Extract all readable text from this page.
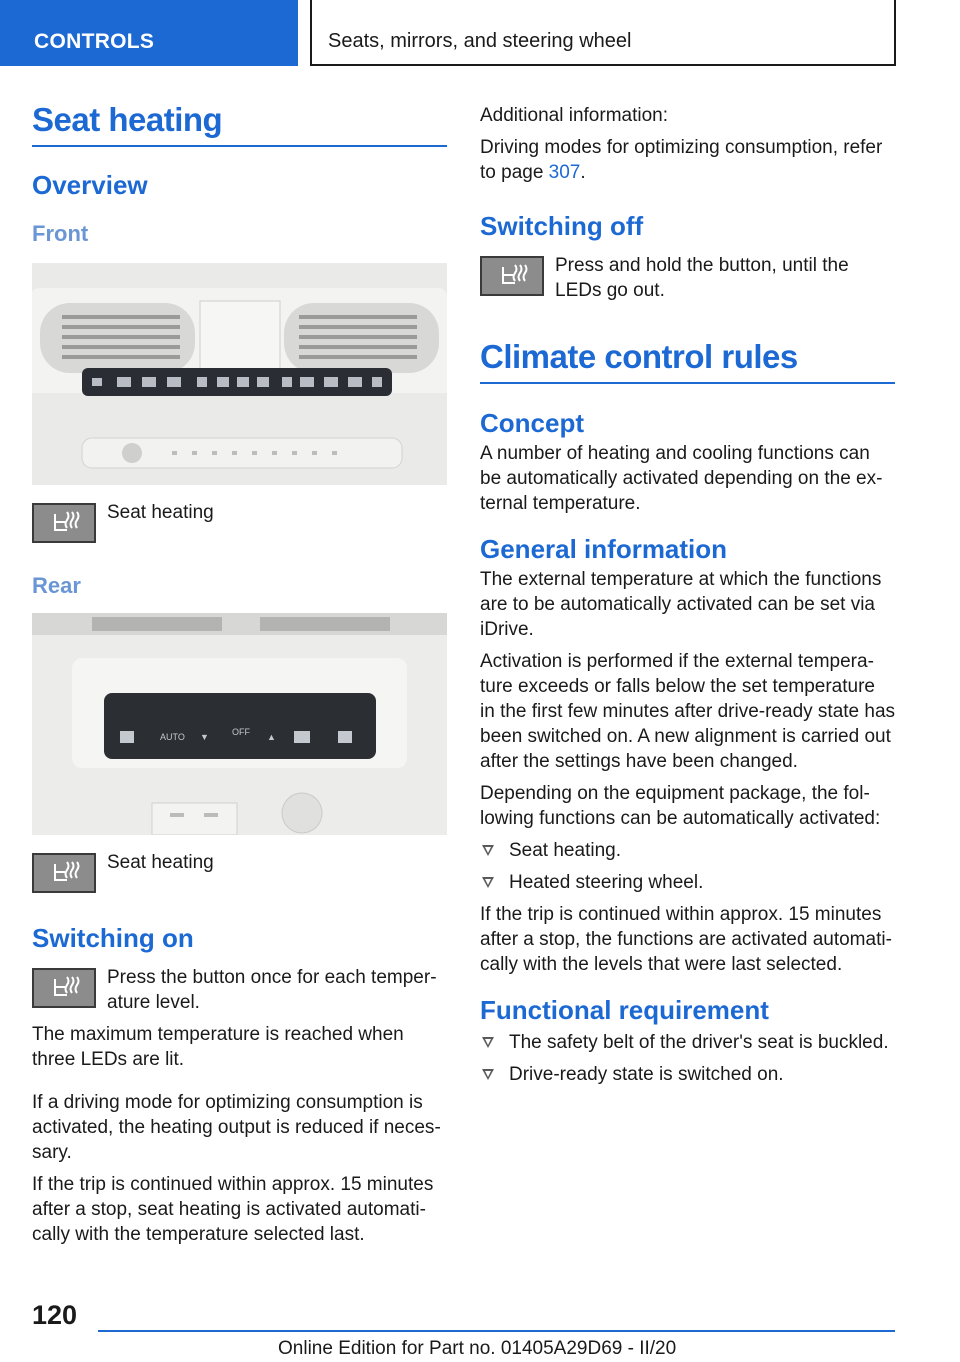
CONTROLS	Seats, mirrors, and steering wheel
Seat heating
Overview
Front
Seat heating
Rear
AUTO ▼	OFF ▲
Seat heating
Switching on
Press the button once for each temperature level.

The maximum temperature is reached when three LEDs are lit.

If a driving mode for optimizing consumption is activated, the heating output is reduced if necessary.

If the trip is continued within approx. 15 minutes after a stop, seat heating is activated automatically with the temperature selected last.

Additional information:

Driving modes for optimizing consumption, refer to page 307.

Switching off
Press and hold the button, until the LEDs go out.
Climate control rules
Concept

A number of heating and cooling functions can be automatically activated depending on the external temperature.

General information

The external temperature at which the functions are to be automatically activated can be set via iDrive.

Activation is performed if the external temperature exceeds or falls below the set temperature in the first few minutes after drive-ready state has been switched on. A new alignment is carried out after the settings have been changed.

Depending on the equipment package, the following functions can be automatically activated:

Seat heating.
Heated steering wheel.

If the trip is continued within approx. 15 minutes after a stop, the functions are activated automatically with the levels that were last selected.

Functional requirement
The safety belt of the driver's seat is buckled.
Drive-ready state is switched on.
120
Online Edition for Part no. 01405A29D69 - II/20
